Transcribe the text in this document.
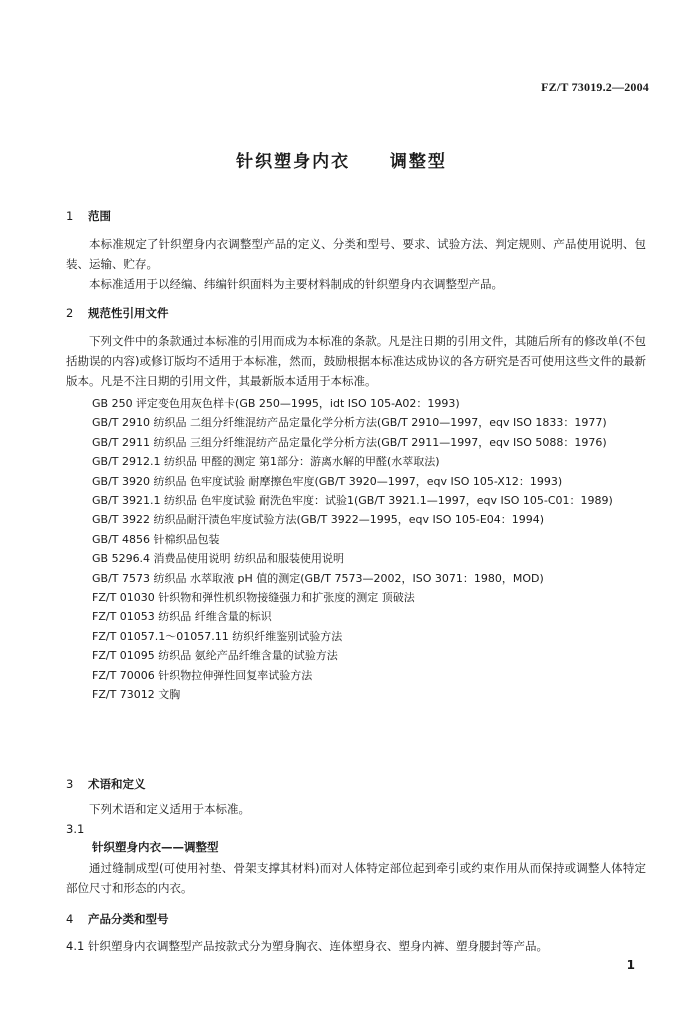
FZ/T 73019.2—2004
针织塑身内衣  调整型
1 范围
本标准规定了针织塑身内衣调整型产品的定义、分类和型号、要求、试验方法、判定规则、产品使用说明、包装、运输、贮存。
本标准适用于以经编、纬编针织面料为主要材料制成的针织塑身内衣调整型产品。
2 规范性引用文件
下列文件中的条款通过本标准的引用而成为本标准的条款。凡是注日期的引用文件，其随后所有的修改单(不包括勘误的内容)或修订版均不适用于本标准，然而，鼓励根据本标准达成协议的各方研究是否可使用这些文件的最新版本。凡是不注日期的引用文件，其最新版本适用于本标准。
GB 250 评定变色用灰色样卡(GB 250—1995，idt ISO 105-A02：1993)
GB/T 2910 纺织品 二组分纤维混纺产品定量化学分析方法(GB/T 2910—1997，eqv ISO 1833：1977)
GB/T 2911 纺织品 三组分纤维混纺产品定量化学分析方法(GB/T 2911—1997，eqv ISO 5088：1976)
GB/T 2912.1 纺织品 甲醛的测定 第1部分：游离水解的甲醛(水萃取法)
GB/T 3920 纺织品 色牢度试验 耐摩擦色牢度(GB/T 3920—1997，eqv ISO 105-X12：1993)
GB/T 3921.1 纺织品 色牢度试验 耐洗色牢度：试验1(GB/T 3921.1—1997，eqv ISO 105-C01：1989)
GB/T 3922 纺织品耐汗渍色牢度试验方法(GB/T 3922—1995，eqv ISO 105-E04：1994)
GB/T 4856 针棉织品包装
GB 5296.4 消费品使用说明 纺织品和服装使用说明
GB/T 7573 纺织品 水萃取液 pH 值的测定(GB/T 7573—2002，ISO 3071：1980，MOD)
FZ/T 01030 针织物和弹性机织物接缝强力和扩张度的测定 顶破法
FZ/T 01053 纺织品 纤维含量的标识
FZ/T 01057.1～01057.11 纺织纤维鉴别试验方法
FZ/T 01095 纺织品 氨纶产品纤维含量的试验方法
FZ/T 70006 针织物拉伸弹性回复率试验方法
FZ/T 73012 文胸
3 术语和定义
下列术语和定义适用于本标准。
3.1
针织塑身内衣——调整型
通过缝制成型(可使用衬垫、骨架支撑其材料)而对人体特定部位起到牵引或约束作用从而保持或调整人体特定部位尺寸和形态的内衣。
4 产品分类和型号
4.1 针织塑身内衣调整型产品按款式分为塑身胸衣、连体塑身衣、塑身内裤、塑身腰封等产品。
1
